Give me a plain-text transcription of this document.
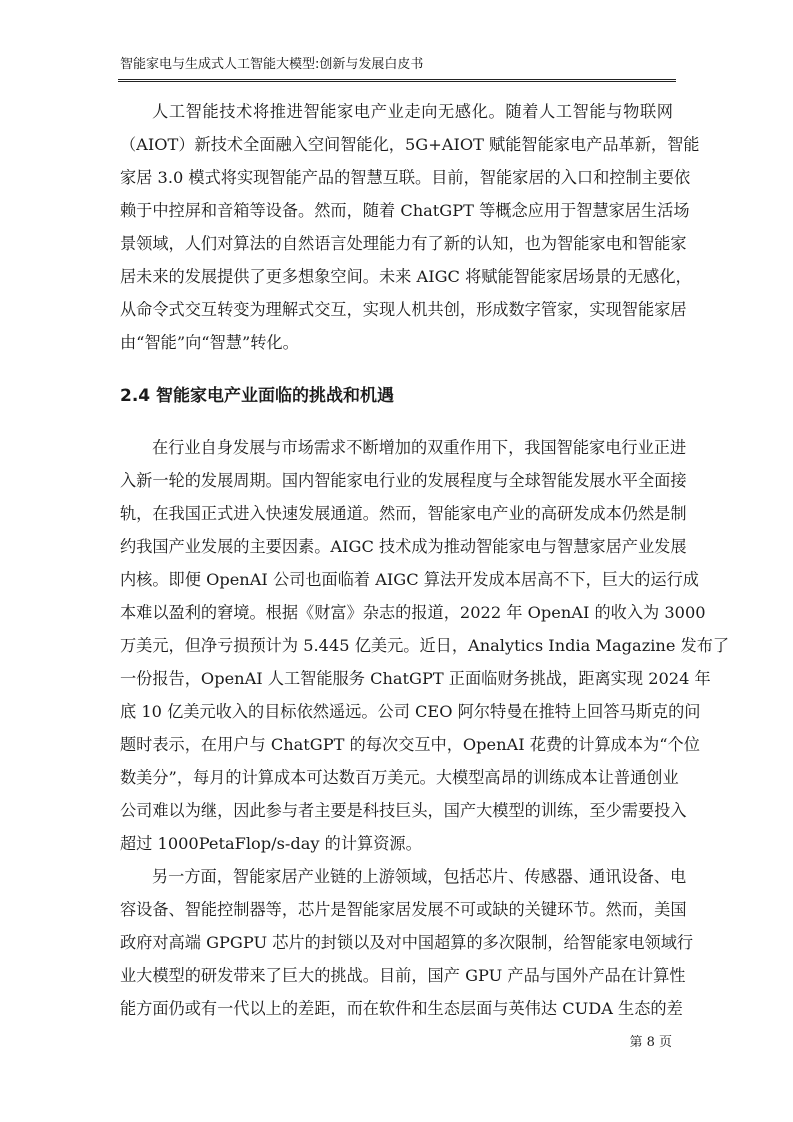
智能家电与生成式人工智能大模型:创新与发展白皮书
人工智能技术将推进智能家电产业走向无感化。随着人工智能与物联网
（AIOT）新技术全面融入空间智能化，5G+AIOT 赋能智能家电产品革新，智能
家居 3.0 模式将实现智能产品的智慧互联。目前，智能家居的入口和控制主要依
赖于中控屏和音箱等设备。然而，随着 ChatGPT 等概念应用于智慧家居生活场
景领域，人们对算法的自然语言处理能力有了新的认知，也为智能家电和智能家
居未来的发展提供了更多想象空间。未来 AIGC 将赋能智能家居场景的无感化，
从命令式交互转变为理解式交互，实现人机共创，形成数字管家，实现智能家居
由“智能”向“智慧”转化。
2.4 智能家电产业面临的挑战和机遇
在行业自身发展与市场需求不断增加的双重作用下，我国智能家电行业正进
入新一轮的发展周期。国内智能家电行业的发展程度与全球智能发展水平全面接
轨，在我国正式进入快速发展通道。然而，智能家电产业的高研发成本仍然是制
约我国产业发展的主要因素。AIGC 技术成为推动智能家电与智慧家居产业发展
内核。即便 OpenAI 公司也面临着 AIGC 算法开发成本居高不下，巨大的运行成
本难以盈利的窘境。根据《财富》杂志的报道，2022 年 OpenAI 的收入为 3000
万美元，但净亏损预计为 5.445 亿美元。近日，Analytics India Magazine 发布了
一份报告，OpenAI 人工智能服务 ChatGPT 正面临财务挑战，距离实现 2024 年
底 10 亿美元收入的目标依然遥远。公司 CEO 阿尔特曼在推特上回答马斯克的问
题时表示，在用户与 ChatGPT 的每次交互中，OpenAI 花费的计算成本为“个位
数美分”，每月的计算成本可达数百万美元。大模型高昂的训练成本让普通创业
公司难以为继，因此参与者主要是科技巨头，国产大模型的训练，至少需要投入
超过 1000PetaFlop/s-day 的计算资源。
另一方面，智能家居产业链的上游领域，包括芯片、传感器、通讯设备、电
容设备、智能控制器等，芯片是智能家居发展不可或缺的关键环节。然而，美国
政府对高端 GPGPU 芯片的封锁以及对中国超算的多次限制，给智能家电领域行
业大模型的研发带来了巨大的挑战。目前，国产 GPU 产品与国外产品在计算性
能方面仍或有一代以上的差距，而在软件和生态层面与英伟达 CUDA 生态的差
第 8 页
